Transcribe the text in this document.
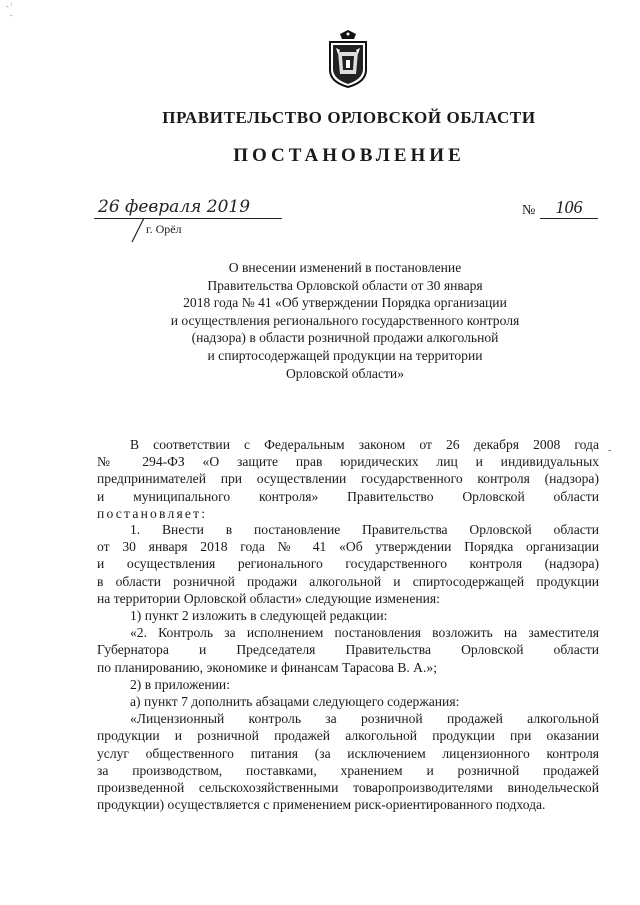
- '
-
ПРАВИТЕЛЬСТВО ОРЛОВСКОЙ ОБЛАСТИ
ПОСТАНОВЛЕНИЕ
26 февраля 2019
г. Орёл
№	106
О внесении изменений в постановление
Правительства Орловской области от 30 января
2018 года № 41 «Об утверждении Порядка организации
и осуществления регионального государственного контроля
(надзора) в области розничной продажи алкогольной
и спиртосодержащей продукции на территории
Орловской области»
-
В соответствии с Федеральным законом от 26 декабря 2008 года
№ 294-ФЗ «О защите прав юридических лиц и индивидуальных
предпринимателей при осуществлении государственного контроля (надзора)
и муниципального контроля» Правительство Орловской области
постановляет:
1. Внести в постановление Правительства Орловской области
от 30 января 2018 года № 41 «Об утверждении Порядка организации
и осуществления регионального государственного контроля (надзора)
в области розничной продажи алкогольной и спиртосодержащей продукции
на территории Орловской области» следующие изменения:
1) пункт 2 изложить в следующей редакции:
«2. Контроль за исполнением постановления возложить на заместителя
Губернатора и Председателя Правительства Орловской области
по планированию, экономике и финансам Тарасова В. А.»;
2) в приложении:
а) пункт 7 дополнить абзацами следующего содержания:
«Лицензионный контроль за розничной продажей алкогольной
продукции и розничной продажей алкогольной продукции при оказании
услуг общественного питания (за исключением лицензионного контроля
за производством, поставками, хранением и розничной продажей
произведенной сельскохозяйственными товаропроизводителями винодельческой
продукции) осуществляется с применением риск-ориентированного подхода.
